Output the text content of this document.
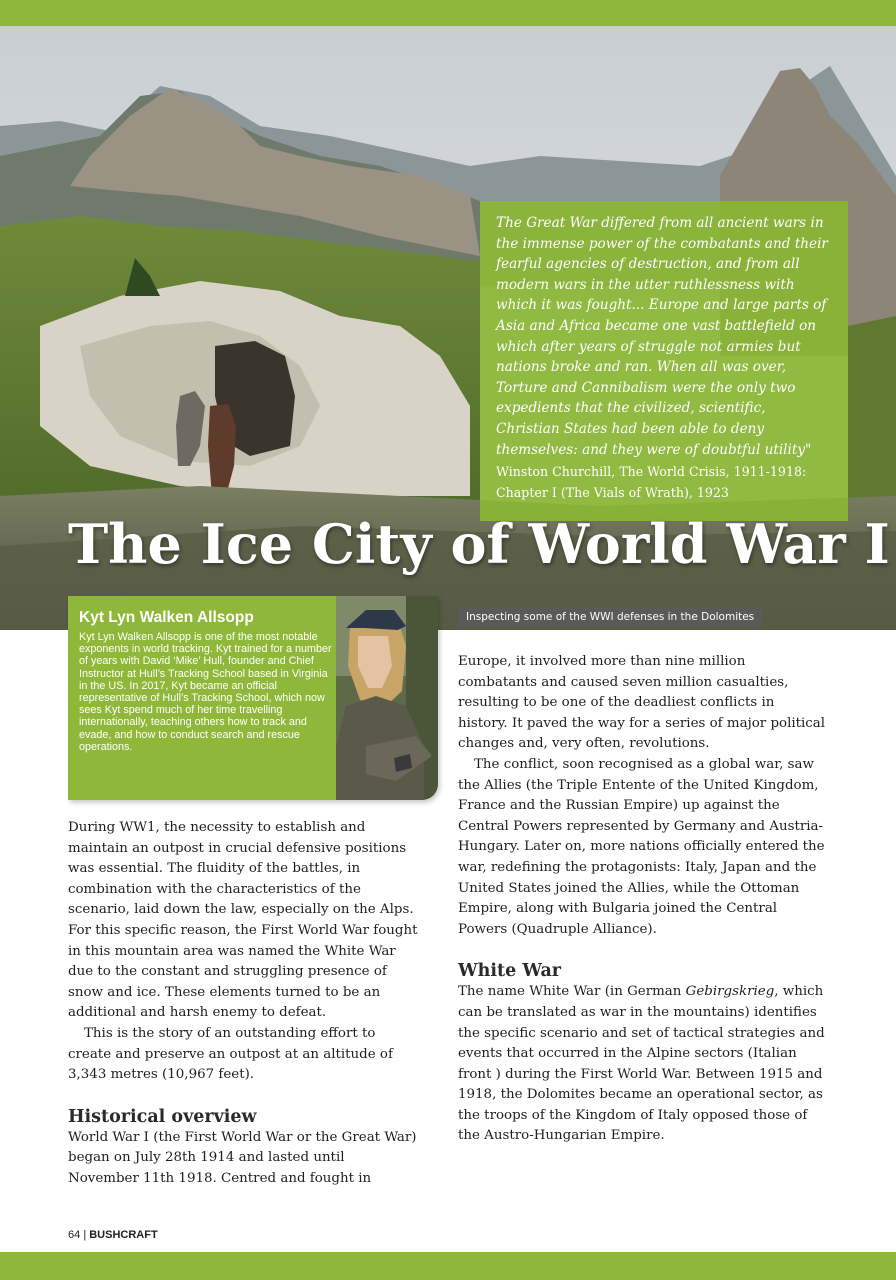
The Great War differed from all ancient wars in the immense power of the combatants and their fearful agencies of destruction, and from all modern wars in the utter ruthlessness with which it was fought... Europe and large parts of Asia and Africa became one vast battlefield on which after years of struggle not armies but nations broke and ran. When all was over, Torture and Cannibalism were the only two expedients that the civilized, scientific, Christian States had been able to deny themselves: and they were of doubtful utility"

Winston Churchill, The World Crisis, 1911-1918: Chapter I (The Vials of Wrath), 1923

The Ice City of World War I
Inspecting some of the WWI defenses in the Dolomites
Kyt Lyn Walken Allsopp

Kyt Lyn Walken Allsopp is one of the most notable exponents in world tracking. Kyt trained for a number of years with David ‘Mike’ Hull, founder and Chief Instructor at Hull’s Tracking School based in Virginia in the US. In 2017, Kyt became an official representative of Hull’s Tracking School, which now sees Kyt spend much of her time travelling internationally, teaching others how to track and evade, and how to conduct search and rescue operations.

During WW1, the necessity to establish and maintain an outpost in crucial defensive positions was essential. The fluidity of the battles, in combination with the characteristics of the scenario, laid down the law, especially on the Alps. For this specific reason, the First World War fought in this mountain area was named the White War due to the constant and struggling presence of snow and ice. These elements turned to be an additional and harsh enemy to defeat.

This is the story of an outstanding effort to create and preserve an outpost at an altitude of 3,343 metres (10,967 feet).

Historical overview

World War I (the First World War or the Great War) began on July 28th 1914 and lasted until November 11th 1918. Centred and fought in

Europe, it involved more than nine million combatants and caused seven million casualties, resulting to be one of the deadliest conflicts in history. It paved the way for a series of major political changes and, very often, revolutions.

The conflict, soon recognised as a global war, saw the Allies (the Triple Entente of the United Kingdom, France and the Russian Empire) up against the Central Powers represented by Germany and Austria-Hungary. Later on, more nations officially entered the war, redefining the protagonists: Italy, Japan and the United States joined the Allies, while the Ottoman Empire, along with Bulgaria joined the Central Powers (Quadruple Alliance).

White War

The name White War (in German Gebirgskrieg, which can be translated as war in the mountains) identifies the specific scenario and set of tactical strategies and events that occurred in the Alpine sectors (Italian front ) during the First World War. Between 1915 and 1918, the Dolomites became an operational sector, as the troops of the Kingdom of Italy opposed those of the Austro-Hungarian Empire.

64 | BUSHCRAFT
